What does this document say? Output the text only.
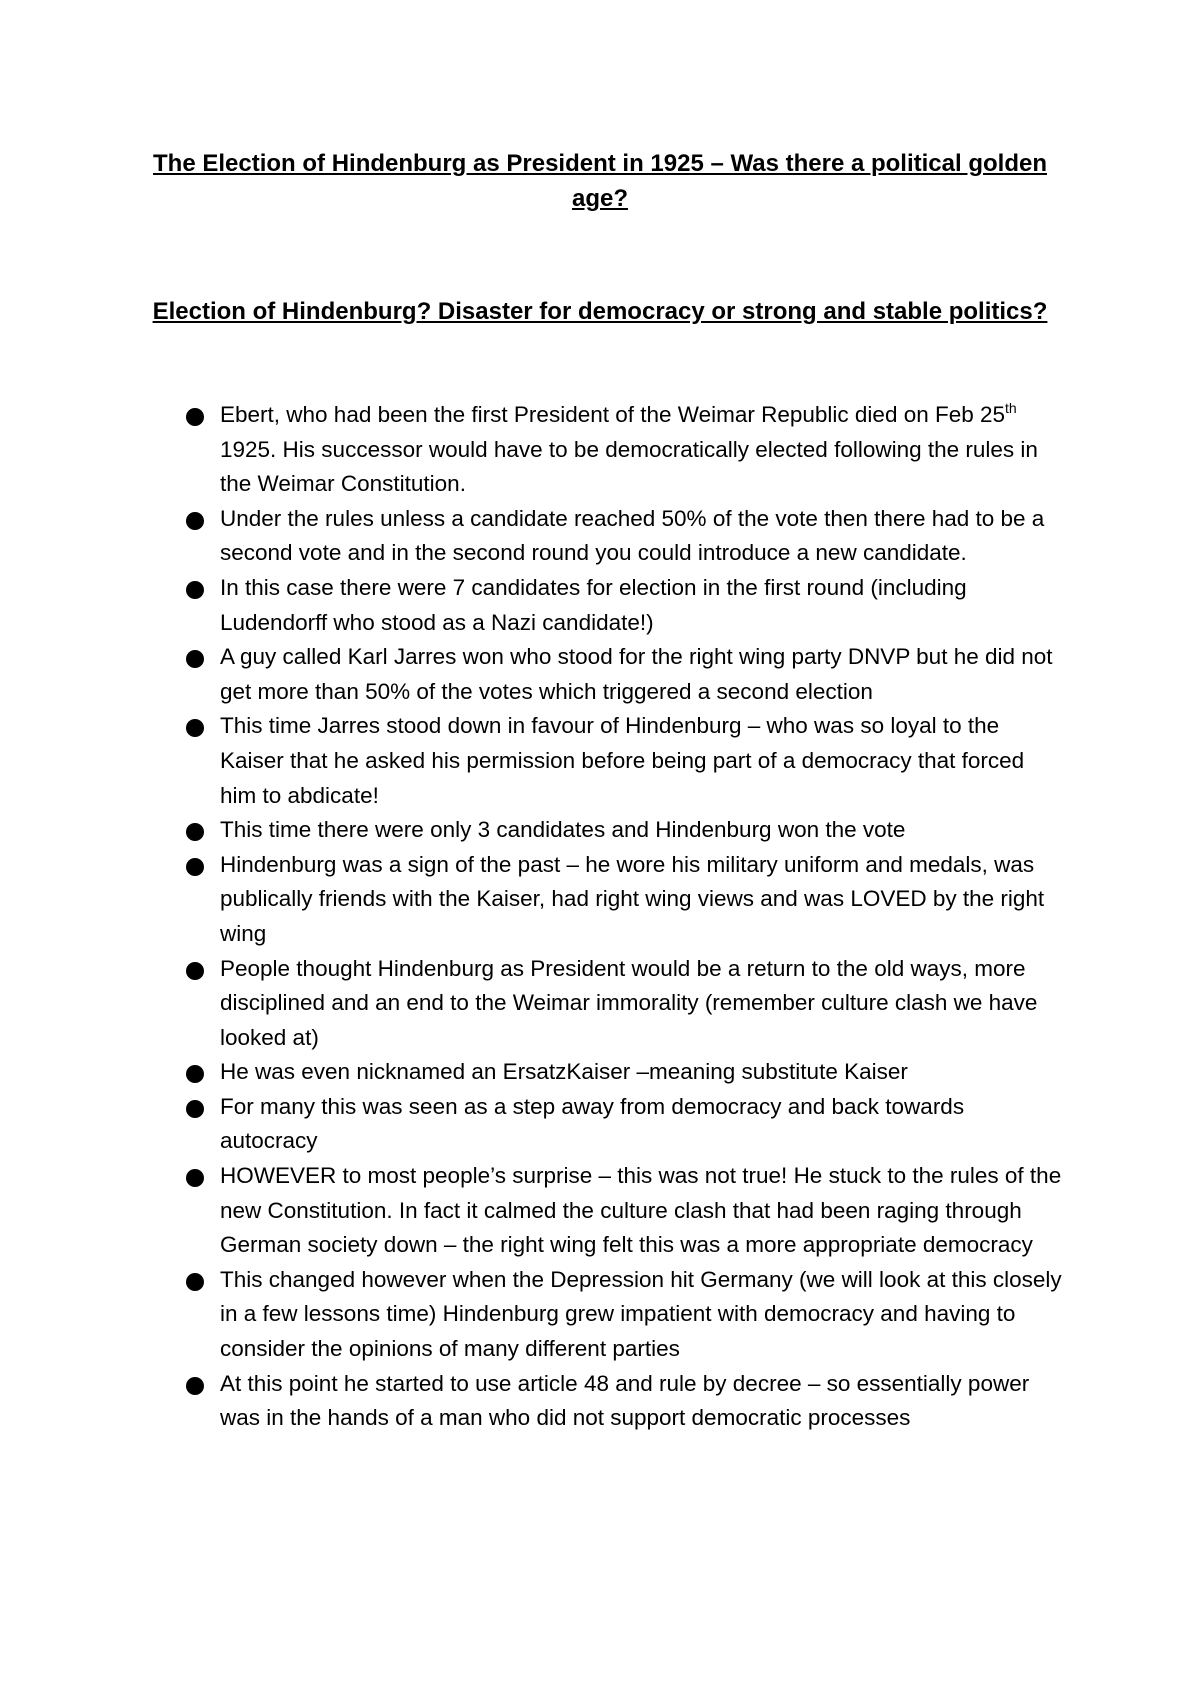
The Election of Hindenburg as President in 1925 – Was there a political golden age?
Election of Hindenburg? Disaster for democracy or strong and stable politics?
Ebert, who had been the first President of the Weimar Republic died on Feb 25th 1925. His successor would have to be democratically elected following the rules in the Weimar Constitution.
Under the rules unless a candidate reached 50% of the vote then there had to be a second vote and in the second round you could introduce a new candidate.
In this case there were 7 candidates for election in the first round (including Ludendorff who stood as a Nazi candidate!)
A guy called Karl Jarres won who stood for the right wing party DNVP but he did not get more than 50% of the votes which triggered a second election
This time Jarres stood down in favour of Hindenburg – who was so loyal to the Kaiser that he asked his permission before being part of a democracy that forced him to abdicate!
This time there were only 3 candidates and Hindenburg won the vote
Hindenburg was a sign of the past – he wore his military uniform and medals, was publically friends with the Kaiser, had right wing views and was LOVED by the right wing
People thought Hindenburg as President would be a return to the old ways, more disciplined and an end to the Weimar immorality (remember culture clash we have looked at)
He was even nicknamed an ErsatzKaiser –meaning substitute Kaiser
For many this was seen as a step away from democracy and back towards autocracy
HOWEVER to most people’s surprise – this was not true! He stuck to the rules of the new Constitution. In fact it calmed the culture clash that had been raging through German society down – the right wing felt this was a more appropriate democracy
This changed however when the Depression hit Germany (we will look at this closely in a few lessons time) Hindenburg grew impatient with democracy and having to consider the opinions of many different parties
At this point he started to use article 48 and rule by decree – so essentially power was in the hands of a man who did not support democratic processes
